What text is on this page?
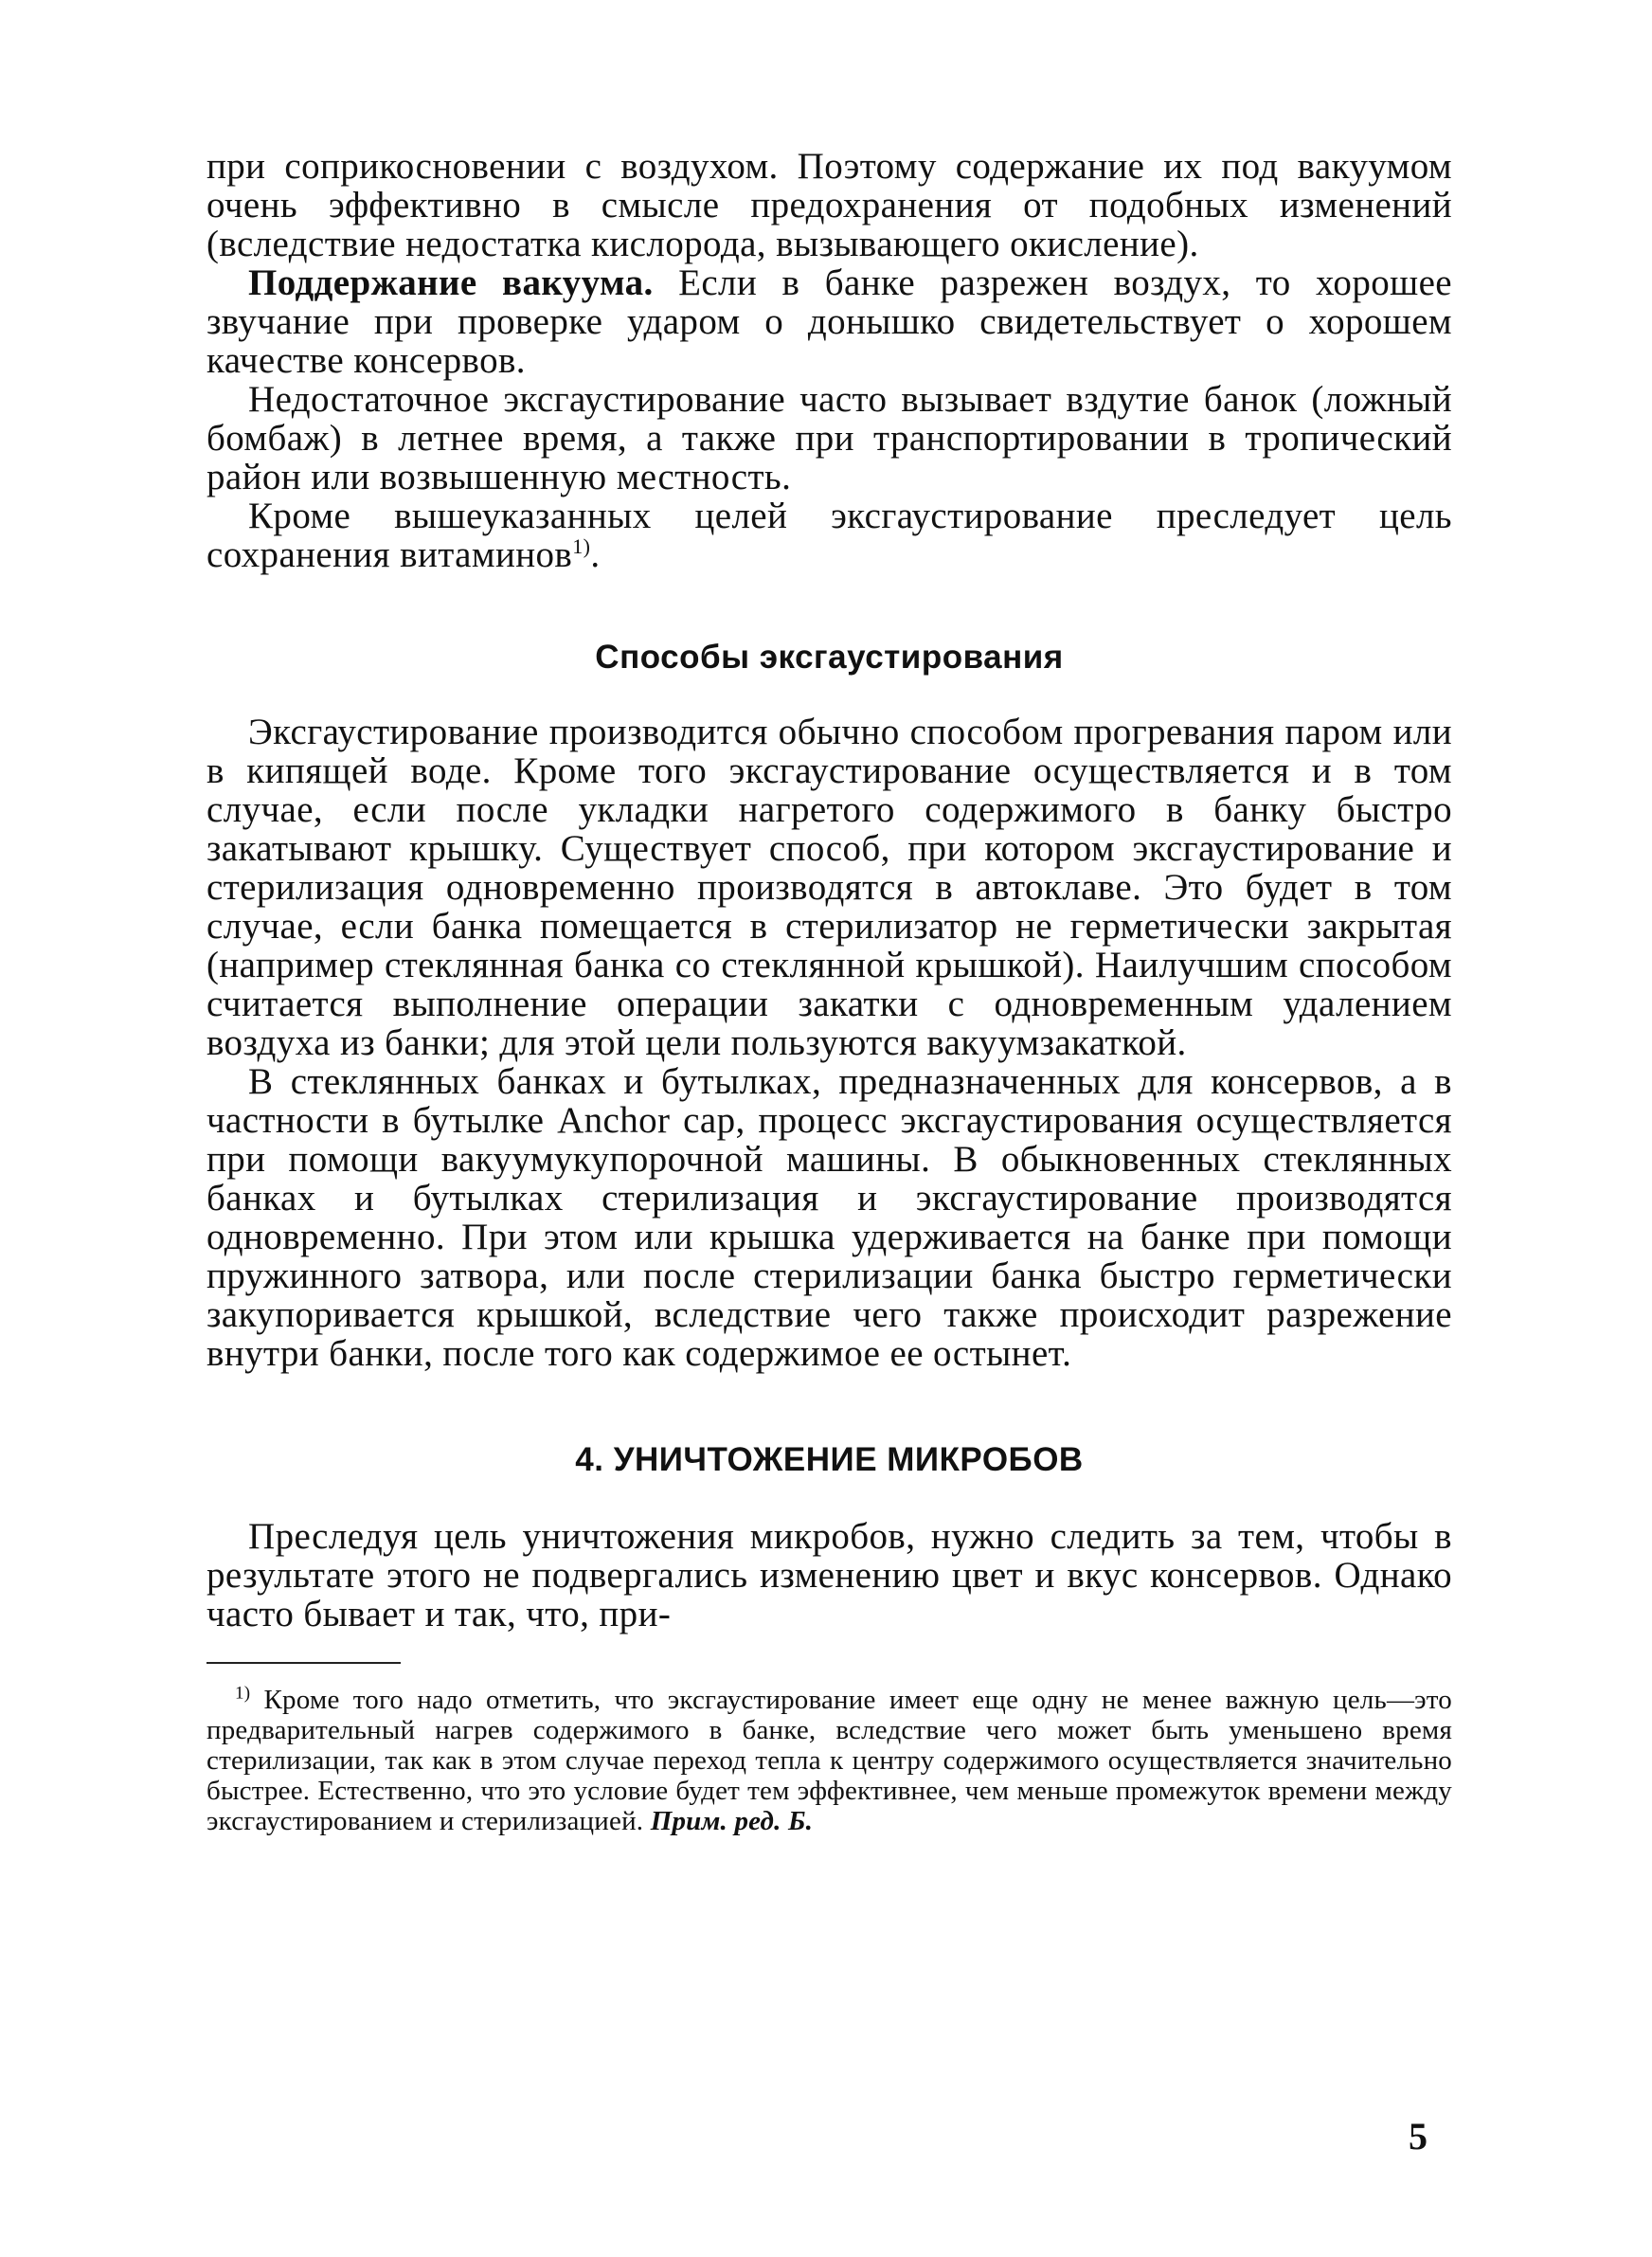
при соприкосновении с воздухом. Поэтому содержание их под вакуумом очень эффективно в смысле предохранения от подобных изменений (вследствие недостатка кислорода, вызывающего окисление).

Поддержание вакуума. Если в банке разрежен воздух, то хорошее звучание при проверке ударом о донышко свидетельствует о хорошем качестве консервов.

Недостаточное эксгаустирование часто вызывает вздутие банок (ложный бомбаж) в летнее время, а также при транспортировании в тропический район или возвышенную местность.

Кроме вышеуказанных целей эксгаустирование преследует цель сохранения витаминов$^{1)}$.

Способы эксгаустирования

Эксгаустирование производится обычно способом прогревания паром или в кипящей воде. Кроме того эксгаустирование осуществляется и в том случае, если после укладки нагретого содержимого в банку быстро закатывают крышку. Существует способ, при котором эксгаустирование и стерилизация одновременно производятся в автоклаве. Это будет в том случае, если банка помещается в стерилизатор не герметически закрытая (например стеклянная банка со стеклянной крышкой). Наилучшим способом считается выполнение операции закатки с одновременным удалением воздуха из банки; для этой цели пользуются вакуумзакаткой.

В стеклянных банках и бутылках, предназначенных для консервов, а в частности в бутылке Anchor cap, процесс эксгаустирования осуществляется при помощи вакуумукупорочной машины. В обыкновенных стеклянных банках и бутылках стерилизация и эксгаустирование производятся одновременно. При этом или крышка удерживается на банке при помощи пружинного затвора, или после стерилизации банка быстро герметически закупоривается крышкой, вследствие чего также происходит разрежение внутри банки, после того как содержимое ее остынет.

4. УНИЧТОЖЕНИЕ МИКРОБОВ

Преследуя цель уничтожения микробов, нужно следить за тем, чтобы в результате этого не подвергались изменению цвет и вкус консервов. Однако часто бывает и так, что, при-

$^{1)}$ Кроме того надо отметить, что эксгаустирование имеет еще одну не менее важную цель—это предварительный нагрев содержимого в банке, вследствие чего может быть уменьшено время стерилизации, так как в этом случае переход тепла к центру содержимого осуществляется значительно быстрее. Естественно, что это условие будет тем эффективнее, чем меньше промежуток времени между эксгаустированием и стерилизацией. Прим. ред. Б.

5
